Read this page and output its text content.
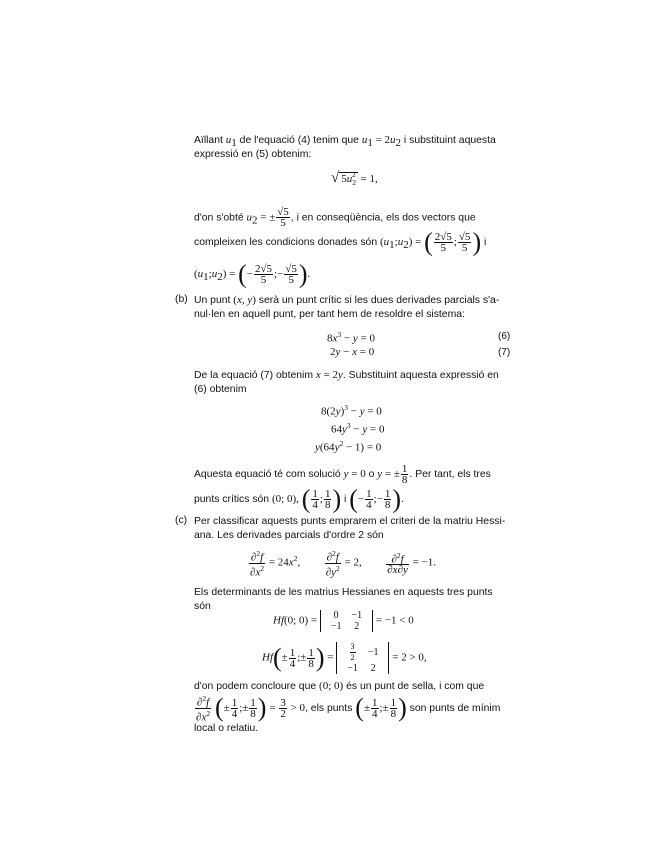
Aïllant $u_1$ de l'equació (4) tenim que $u_1 = 2u_2$ i substituint aquesta
expressió en (5) obtenim:
√ $5u_2^2 = 1$,
d'on s'obté $u_2$ = ± $\frac{√5}{5}$ , i en conseqüència, els dos vectors que
compleixen les condicions donades són $(u_1;u_2)$ = ( $\frac{2√5}{5}$ ; $\frac{√5}{5}$ ) i
$(u_1;u_2)$ = (− $\frac{2√5}{5}$ ;− $\frac{√5}{5}$ ).
(b) Un punt (x, y) serà un punt crític si les dues derivades parcials s'a-
nul·len en aquell punt, per tant hem de resoldre el sistema:
$8x^3 - y = 0$	(6)
2y − x = 0	(7)
De la equació (7) obtenim x = 2y. Substituint aquesta expressió en
(6) obtenim
$8(2y)^3 - y = 0$
$64y^3 - y = 0$
$y(64y^2 - 1) = 0$
Aquesta equació té com solució y = 0 o y = ± $\frac{1}{8}$ . Per tant, els tres
punts crítics són (0; 0), ( $\frac{1}{4}$ ; $\frac{1}{8}$ ) i (− $\frac{1}{4}$ ;− $\frac{1}{8}$ ).
(c) Per classificar aquests punts emprarem el criteri de la matriu Hessi-
ana. Les derivades parcials d'ordre 2 són
$\frac{\partial^2f}{\partial x^2} = 24x^2$, $\frac{\partial^2f}{\partial y^2} = 2$, $\frac{\partial^2f}{\partial x\partial y} = -1$.
Els determinants de les matrius Hessianes en aquests tres punts
són
Hf(0; 0) = 0	−1
−1	2 = −1 < 0
$Hf(\pm \frac{1}{4}$ ;± $\frac{1}{8}$ ) = $\frac{3}{2}$	−1
−1	2 = 2 > 0,
d'on podem concloure que (0; 0) és un punt de sella, i com que
$\frac{\partial^2f}{\partial x^2}$ (± $\frac{1}{4}$ ;± $\frac{1}{8}$ ) = $\frac{3}{2} > 0$, els punts (± $\frac{1}{4}$ ;± $\frac{1}{8}$ ) son punts de mínim
local o relatiu.
